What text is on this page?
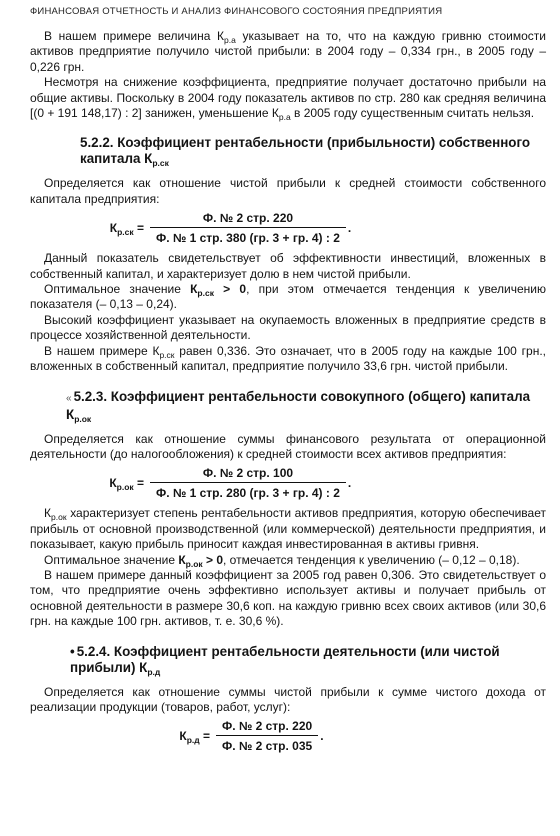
ФИНАНСОВАЯ ОТЧЕТНОСТЬ И АНАЛИЗ ФИНАНСОВОГО СОСТОЯНИЯ ПРЕДПРИЯТИЯ

В нашем примере величина $К_{р.а}$ указывает на то, что на каждую гривню стоимости активов предприятие получило чистой прибыли: в 2004 году – 0,334 грн., в 2005 году – 0,226 грн.

Несмотря на снижение коэффициента, предприятие получает достаточно прибыли на общие активы. Поскольку в 2004 году показатель активов по стр. 280 как средняя величина [(0 + 191 148,17) : 2] занижен, уменьшение $К_{р.а}$ в 2005 году существенным считать нельзя.

5.2.2. Коэффициент рентабельности (прибыльности) собственного капитала $К_{р.ск}$

Определяется как отношение чистой прибыли к средней стоимости собственного капитала предприятия:

$К_{р.ск} = \frac{\text{Ф. № 2 стр. 220}}{\text{Ф. № 1 стр. 380 (гр. 3 + гр. 4) : 2}}$ .

Данный показатель свидетельствует об эффективности инвестиций, вложенных в собственный капитал, и характеризует долю в нем чистой прибыли.

Оптимальное значение $К_{р.ск} > 0$, при этом отмечается тенденция к увеличению показателя (– 0,13 – 0,24).

Высокий коэффициент указывает на окупаемость вложенных в предприятие средств в процессе хозяйственной деятельности.

В нашем примере $К_{р.ск}$ равен 0,336. Это означает, что в 2005 году на каждые 100 грн., вложенных в собственный капитал, предприятие получило 33,6 грн. чистой прибыли.

« 5.2.3. Коэффициент рентабельности совокупного (общего) капитала $К_{р.ок}$

Определяется как отношение суммы финансового результата от операционной деятельности (до налогообложения) к средней стоимости всех активов предприятия:

$К_{р.ок} = \frac{\text{Ф. № 2 стр. 100}}{\text{Ф. № 1 стр. 280 (гр. 3 + гр. 4) : 2}}$ .

$К_{р.ок}$ характеризует степень рентабельности активов предприятия, которую обеспечивает прибыль от основной производственной (или коммерческой) деятельности предприятия, и показывает, какую прибыль приносит каждая инвестированная в активы гривня.

Оптимальное значение $К_{р.ок} > 0$, отмечается тенденция к увеличению (– 0,12 – 0,18).

В нашем примере данный коэффициент за 2005 год равен 0,306. Это свидетельствует о том, что предприятие очень эффективно использует активы и получает прибыль от основной деятельности в размере 30,6 коп. на каждую гривню всех своих активов (или 30,6 грн. на каждые 100 грн. активов, т. е. 30,6 %).

• 5.2.4. Коэффициент рентабельности деятельности (или чистой прибыли) $К_{р.д}$

Определяется как отношение суммы чистой прибыли к сумме чистого дохода от реализации продукции (товаров, работ, услуг):

$К_{р.д} = \frac{\text{Ф. № 2 стр. 220}}{\text{Ф. № 2 стр. 035}}$ .
